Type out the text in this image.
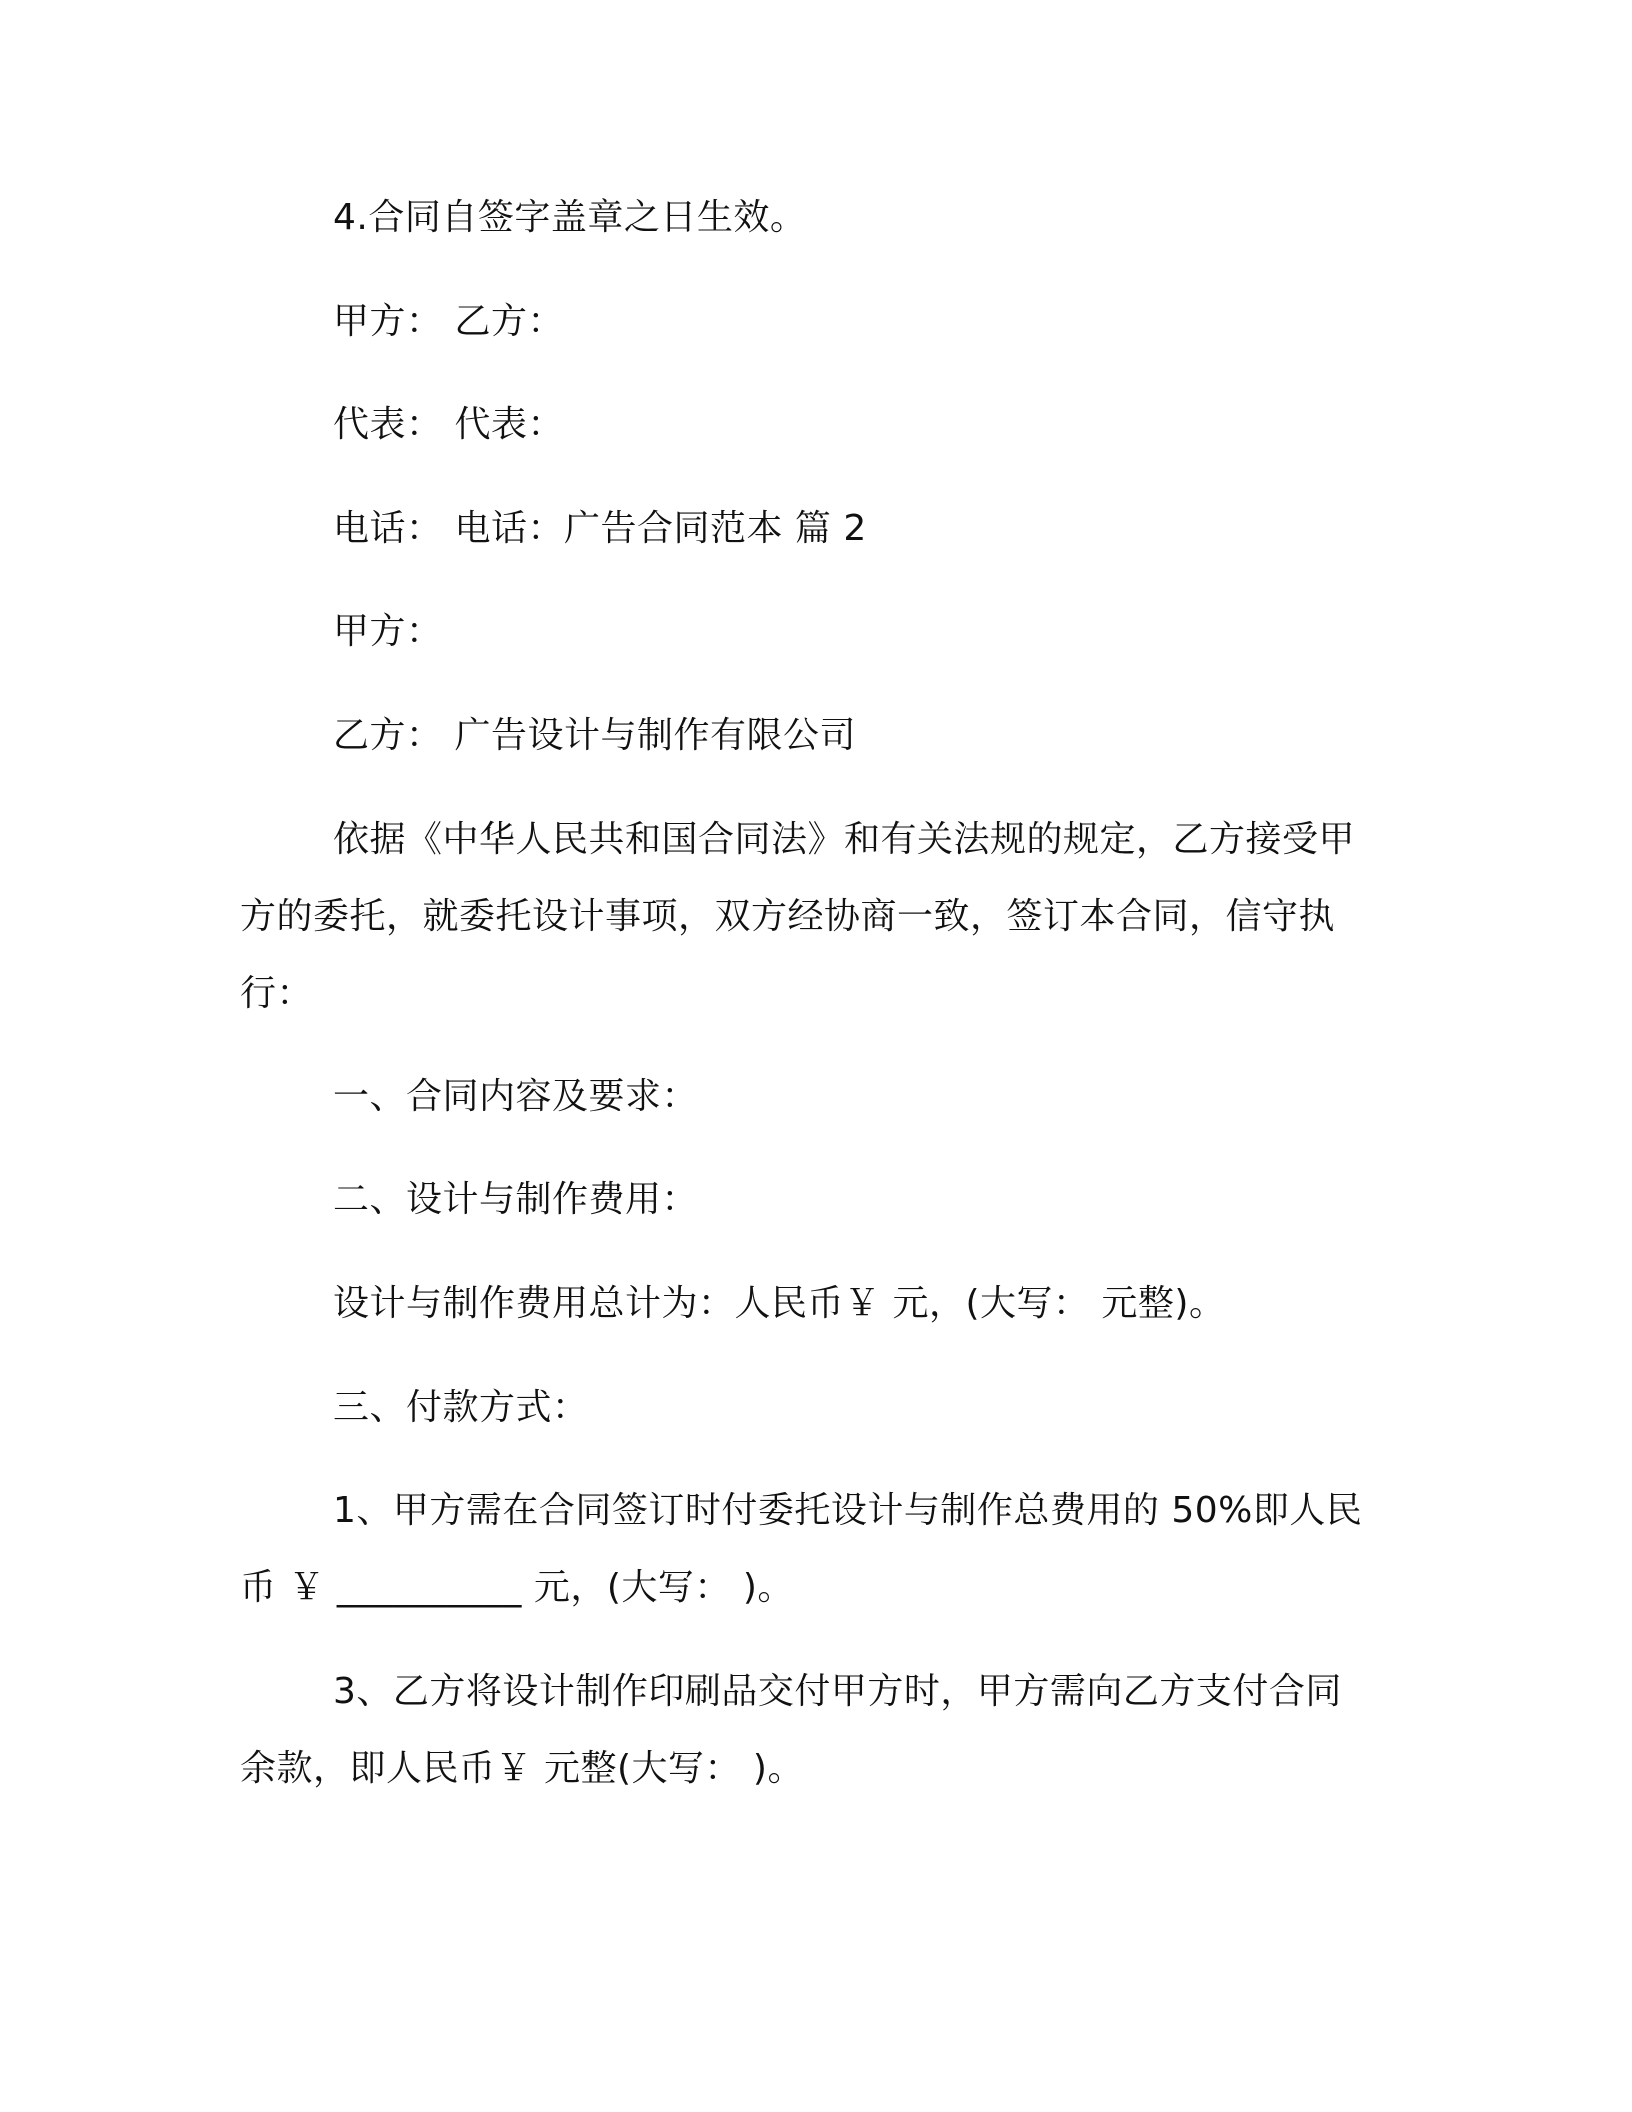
4.合同自签字盖章之日生效。
甲方： 乙方：
代表： 代表：
电话： 电话：广告合同范本 篇 2
甲方：
乙方： 广告设计与制作有限公司
依据《中华人民共和国合同法》和有关法规的规定，乙方接受甲
方的委托，就委托设计事项，双方经协商一致，签订本合同，信守执
行：
一、合同内容及要求：
二、设计与制作费用：
设计与制作费用总计为：人民币￥ 元，(大写： 元整)。
三、付款方式：
1、甲方需在合同签订时付委托设计与制作总费用的 50%即人民
币 ￥ __________ 元，(大写： )。
3、乙方将设计制作印刷品交付甲方时，甲方需向乙方支付合同
余款，即人民币￥ 元整(大写： )。
